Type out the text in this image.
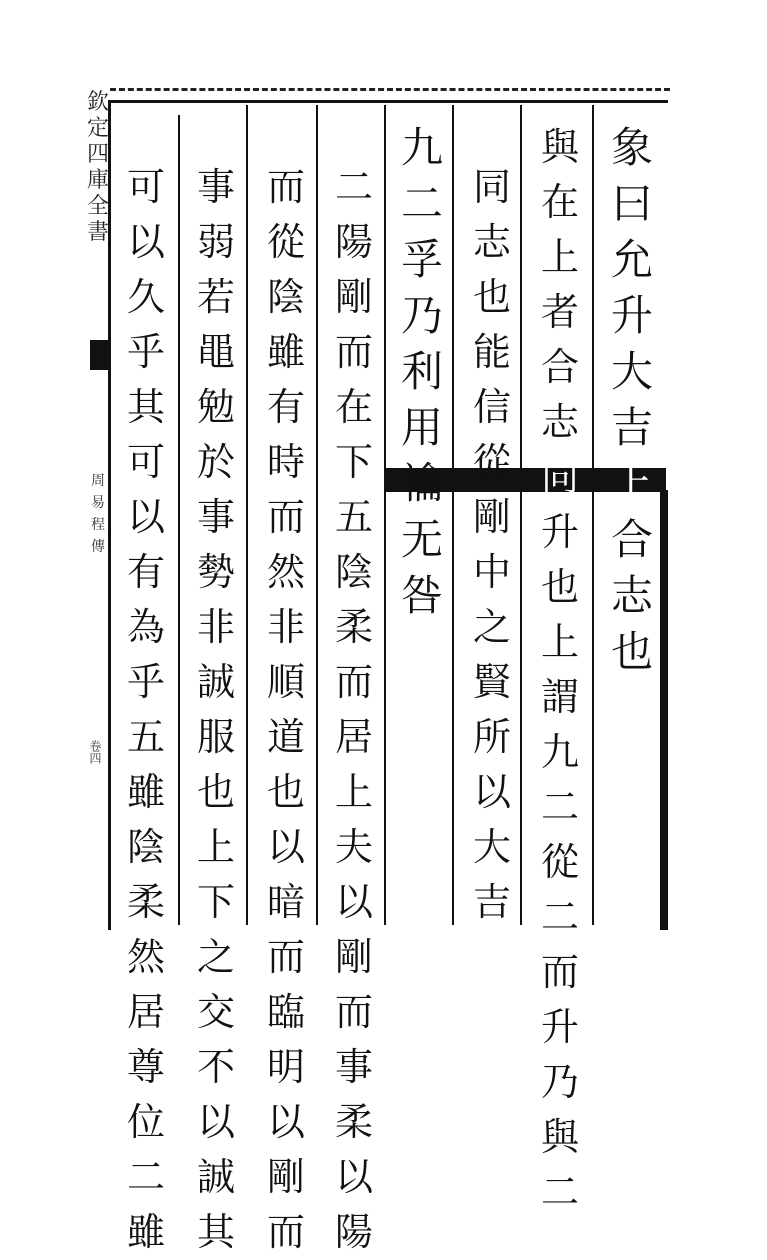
象
曰
允
升
大
吉
上
合
志
也
與
在
上
者
合
志
同
升
也
上
謂
九
二
從
二
而
升
乃
與
二
同
志
也
能
信
從
剛
中
之
賢
所
以
大
吉
九
二
孚
乃
利
用
禴
无
咎
二
陽
剛
而
在
下
五
陰
柔
而
居
上
夫
以
剛
而
事
柔
以
陽
而
從
陰
雖
有
時
而
然
非
順
道
也
以
暗
而
臨
明
以
剛
而
事
弱
若
黽
勉
於
事
勢
非
誠
服
也
上
下
之
交
不
以
誠
其
可
以
久
乎
其
可
以
有
為
乎
五
雖
陰
柔
然
居
尊
位
二
雖
欽
定
四
庫
全
書
周
易
程
傳
卷四
